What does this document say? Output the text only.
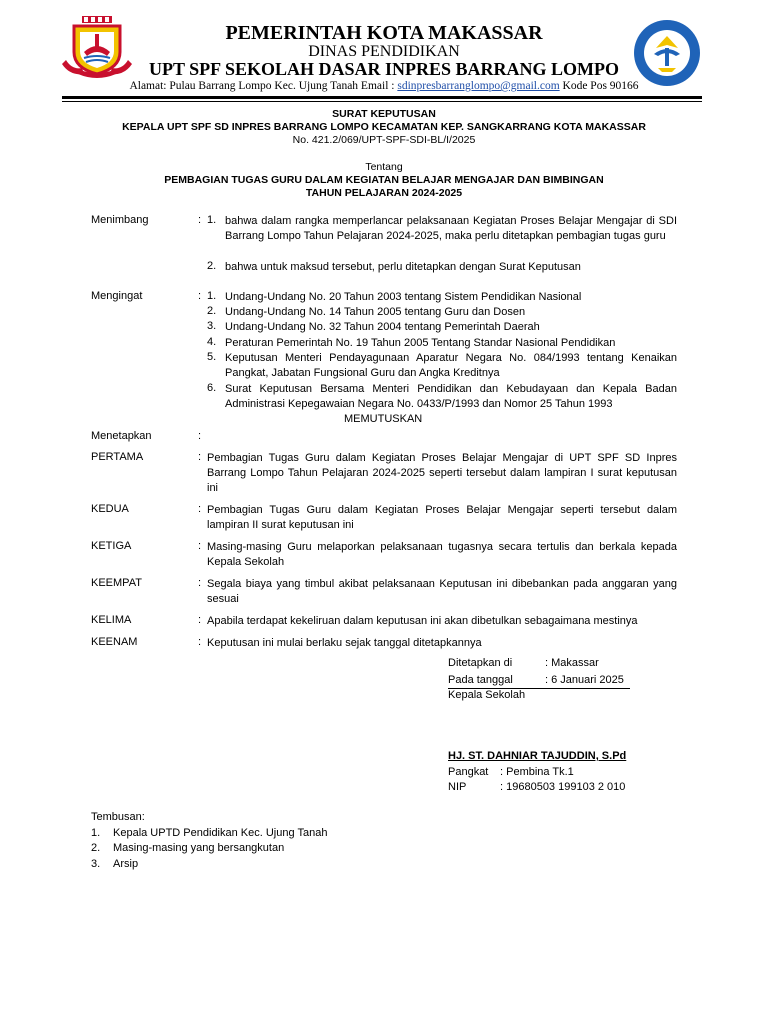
PEMERINTAH KOTA MAKASSAR
DINAS PENDIDIKAN
UPT SPF SEKOLAH DASAR INPRES BARRANG LOMPO
Alamat: Pulau Barrang Lompo Kec. Ujung Tanah Email : sdinpresbarranglompo@gmail.com Kode Pos 90166
SURAT KEPUTUSAN
KEPALA UPT SPF SD INPRES BARRANG LOMPO KECAMATAN KEP. SANGKARRANG KOTA MAKASSAR
No. 421.2/069/UPT-SPF-SDI-BL/I/2025
Tentang
PEMBAGIAN TUGAS GURU DALAM KEGIATAN BELAJAR MENGAJAR DAN BIMBINGAN
TAHUN PELAJARAN 2024-2025
Menimbang	: 1. bahwa dalam rangka memperlancar pelaksanaan Kegiatan Proses Belajar Mengajar di SDI Barrang Lompo Tahun Pelajaran 2024-2025, maka perlu ditetapkan pembagian tugas guru
2. bahwa untuk maksud tersebut, perlu ditetapkan dengan Surat Keputusan
Mengingat	: 1. Undang-Undang No. 20 Tahun 2003 tentang Sistem Pendidikan Nasional
2. Undang-Undang No. 14 Tahun 2005 tentang Guru dan Dosen
3. Undang-Undang No. 32 Tahun 2004 tentang Pemerintah Daerah
4. Peraturan Pemerintah No. 19 Tahun 2005 Tentang Standar Nasional Pendidikan
5. Keputusan Menteri Pendayagunaan Aparatur Negara No. 084/1993 tentang Kenaikan Pangkat, Jabatan Fungsional Guru dan Angka Kreditnya
6. Surat Keputusan Bersama Menteri Pendidikan dan Kebudayaan dan Kepala Badan Administrasi Kepegawaian Negara No. 0433/P/1993 dan Nomor 25 Tahun 1993
MEMUTUSKAN
Menetapkan	:
PERTAMA	: Pembagian Tugas Guru dalam Kegiatan Proses Belajar Mengajar di UPT SPF SD Inpres Barrang Lompo Tahun Pelajaran 2024-2025 seperti tersebut dalam lampiran I surat keputusan ini
KEDUA	: Pembagian Tugas Guru dalam Kegiatan Proses Belajar Mengajar seperti tersebut dalam lampiran II surat keputusan ini
KETIGA	: Masing-masing Guru melaporkan pelaksanaan tugasnya secara tertulis dan berkala kepada Kepala Sekolah
KEEMPAT	: Segala biaya yang timbul akibat pelaksanaan Keputusan ini dibebankan pada anggaran yang sesuai
KELIMA	: Apabila terdapat kekeliruan dalam keputusan ini akan dibetulkan sebagaimana mestinya
KEENAM	: Keputusan ini mulai berlaku sejak tanggal ditetapkannya
Ditetapkan di	: Makassar
Pada tanggal	: 6 Januari 2025
Kepala Sekolah
HJ. ST. DAHNIAR TAJUDDIN, S.Pd
Pangkat : Pembina Tk.1
NIP	: 19680503 199103 2 010
Tembusan:
1. Kepala UPTD Pendidikan Kec. Ujung Tanah
2. Masing-masing yang bersangkutan
3. Arsip
